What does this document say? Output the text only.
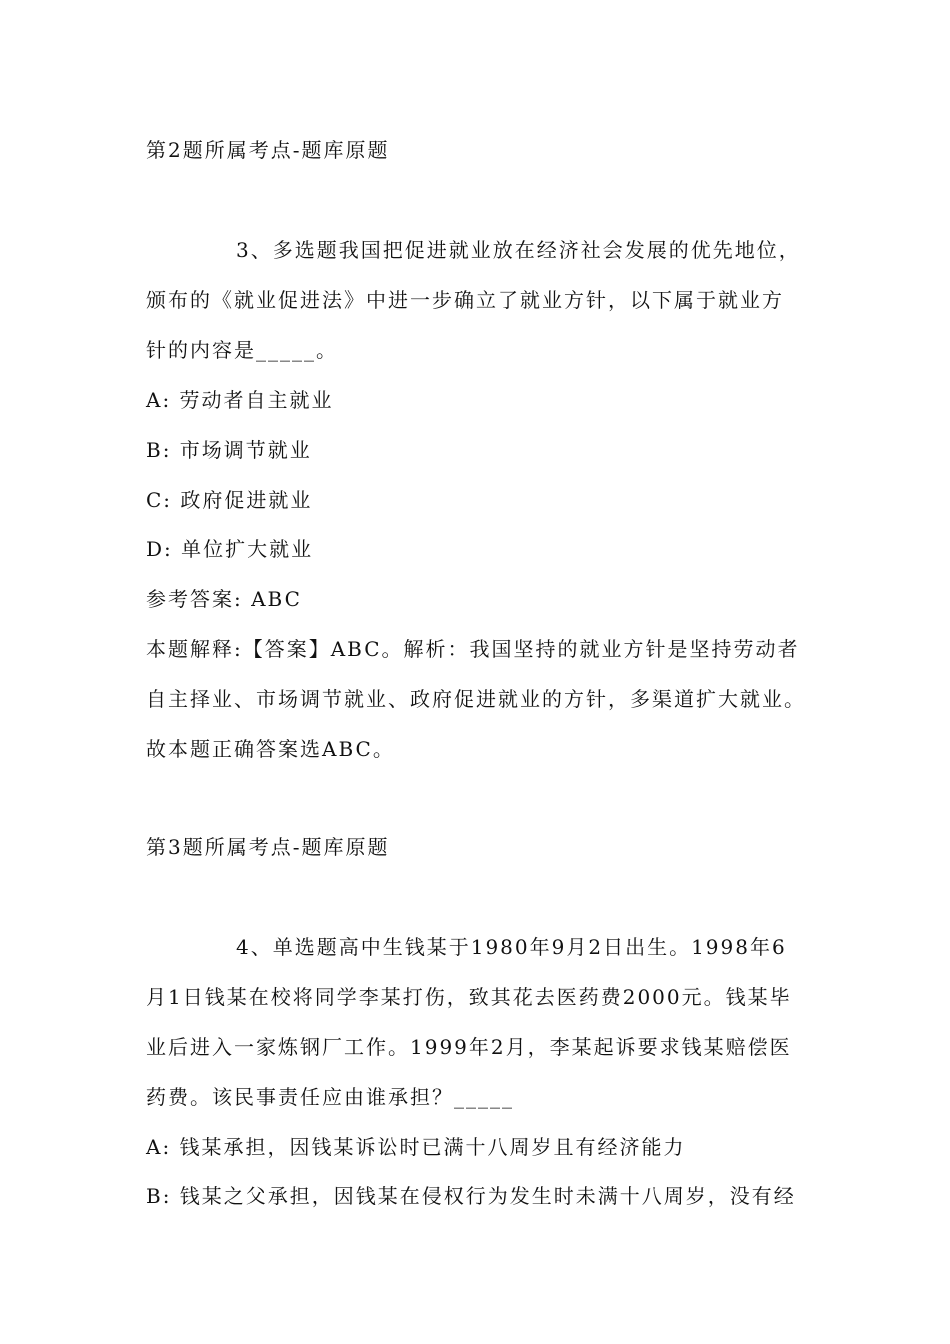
第2题所属考点-题库原题
3、多选题我国把促进就业放在经济社会发展的优先地位，
颁布的《就业促进法》中进一步确立了就业方针，以下属于就业方
针的内容是_____。
A: 劳动者自主就业
B: 市场调节就业
C: 政府促进就业
D: 单位扩大就业
参考答案: ABC
本题解释:【答案】ABC。解析：我国坚持的就业方针是坚持劳动者
自主择业、市场调节就业、政府促进就业的方针，多渠道扩大就业。
故本题正确答案选ABC。
第3题所属考点-题库原题
4、单选题高中生钱某于1980年9月2日出生。1998年6
月1日钱某在校将同学李某打伤，致其花去医药费2000元。钱某毕
业后进入一家炼钢厂工作。1999年2月，李某起诉要求钱某赔偿医
药费。该民事责任应由谁承担？_____
A: 钱某承担，因钱某诉讼时已满十八周岁且有经济能力
B: 钱某之父承担，因钱某在侵权行为发生时未满十八周岁，没有经
